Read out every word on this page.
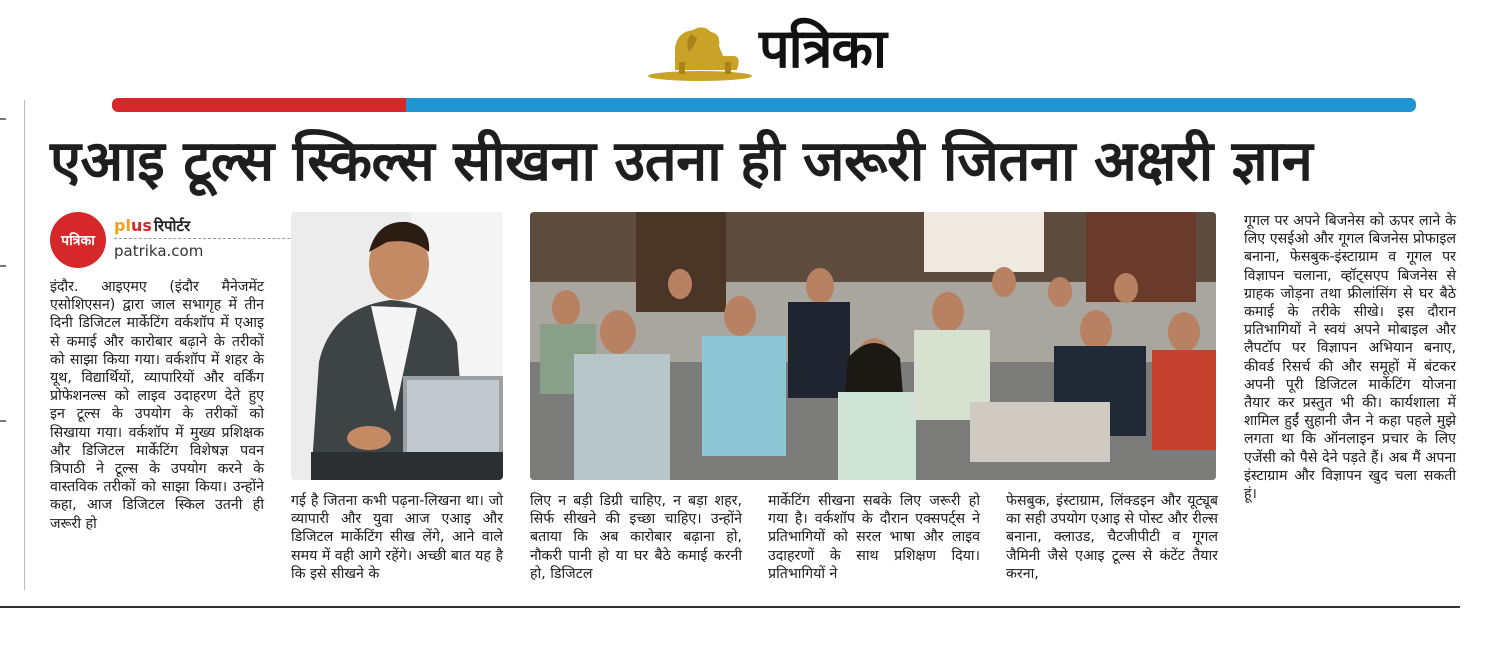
पत्रिका
एआइ टूल्स स्किल्स सीखना उतना ही जरूरी जितना अक्षरी ज्ञान
पत्रिका
plus रिपोर्टर
patrika.com
इंदौर. आइएमए (इंदौर मैनेजमेंट एसोशिएसन) द्वारा जाल सभागृह में तीन दिनी डिजिटल मार्केटिंग वर्कशॉप में एआइ से कमाई और कारोबार बढ़ाने के तरीकों को साझा किया गया। वर्कशॉप में शहर के यूथ, विद्यार्थियों, व्यापारियों और वर्किंग प्रोफेशनल्स को लाइव उदाहरण देते हुए इन टूल्स के उपयोग के तरीकों को सिखाया गया। वर्कशॉप में मुख्य प्रशिक्षक और डिजिटल मार्केटिंग विशेषज्ञ पवन त्रिपाठी ने टूल्स के उपयोग करने के वास्तविक तरीकों को साझा किया। उन्होंने कहा, आज डिजिटल स्किल उतनी ही जरूरी हो
गई है जितना कभी पढ़ना-लिखना था। जो व्यापारी और युवा आज एआइ और डिजिटल मार्केटिंग सीख लेंगे, आने वाले समय में वही आगे रहेंगे। अच्छी बात यह है कि इसे सीखने के
लिए न बड़ी डिग्री चाहिए, न बड़ा शहर, सिर्फ सीखने की इच्छा चाहिए। उन्होंने बताया कि अब कारोबार बढ़ाना हो, नौकरी पानी हो या घर बैठे कमाई करनी हो, डिजिटल
मार्केटिंग सीखना सबके लिए जरूरी हो गया है। वर्कशॉप के दौरान एक्सपर्ट्स ने प्रतिभागियों को सरल भाषा और लाइव उदाहरणों के साथ प्रशिक्षण दिया। प्रतिभागियों ने
फेसबुक, इंस्टाग्राम, लिंक्डइन और यूट्यूब का सही उपयोग एआइ से पोस्ट और रील्स बनाना, क्लाउड, चैटजीपीटी व गूगल जैमिनी जैसे एआइ टूल्स से कंटेंट तैयार करना,
गूगल पर अपने बिजनेस को ऊपर लाने के लिए एसईओ और गूगल बिजनेस प्रोफाइल बनाना, फेसबुक-इंस्टाग्राम व गूगल पर विज्ञापन चलाना, व्हॉट्सएप बिजनेस से ग्राहक जोड़ना तथा फ्रीलांसिंग से घर बैठे कमाई के तरीके सीखे। इस दौरान प्रतिभागियों ने स्वयं अपने मोबाइल और लैपटॉप पर विज्ञापन अभियान बनाए, कीवर्ड रिसर्च की और समूहों में बंटकर अपनी पूरी डिजिटल मार्केटिंग योजना तैयार कर प्रस्तुत भी की। कार्यशाला में शामिल हुईं सुहानी जैन ने कहा पहले मुझे लगता था कि ऑनलाइन प्रचार के लिए एजेंसी को पैसे देने पड़ते हैं। अब मैं अपना इंस्टाग्राम और विज्ञापन खुद चला सकती हूं।
